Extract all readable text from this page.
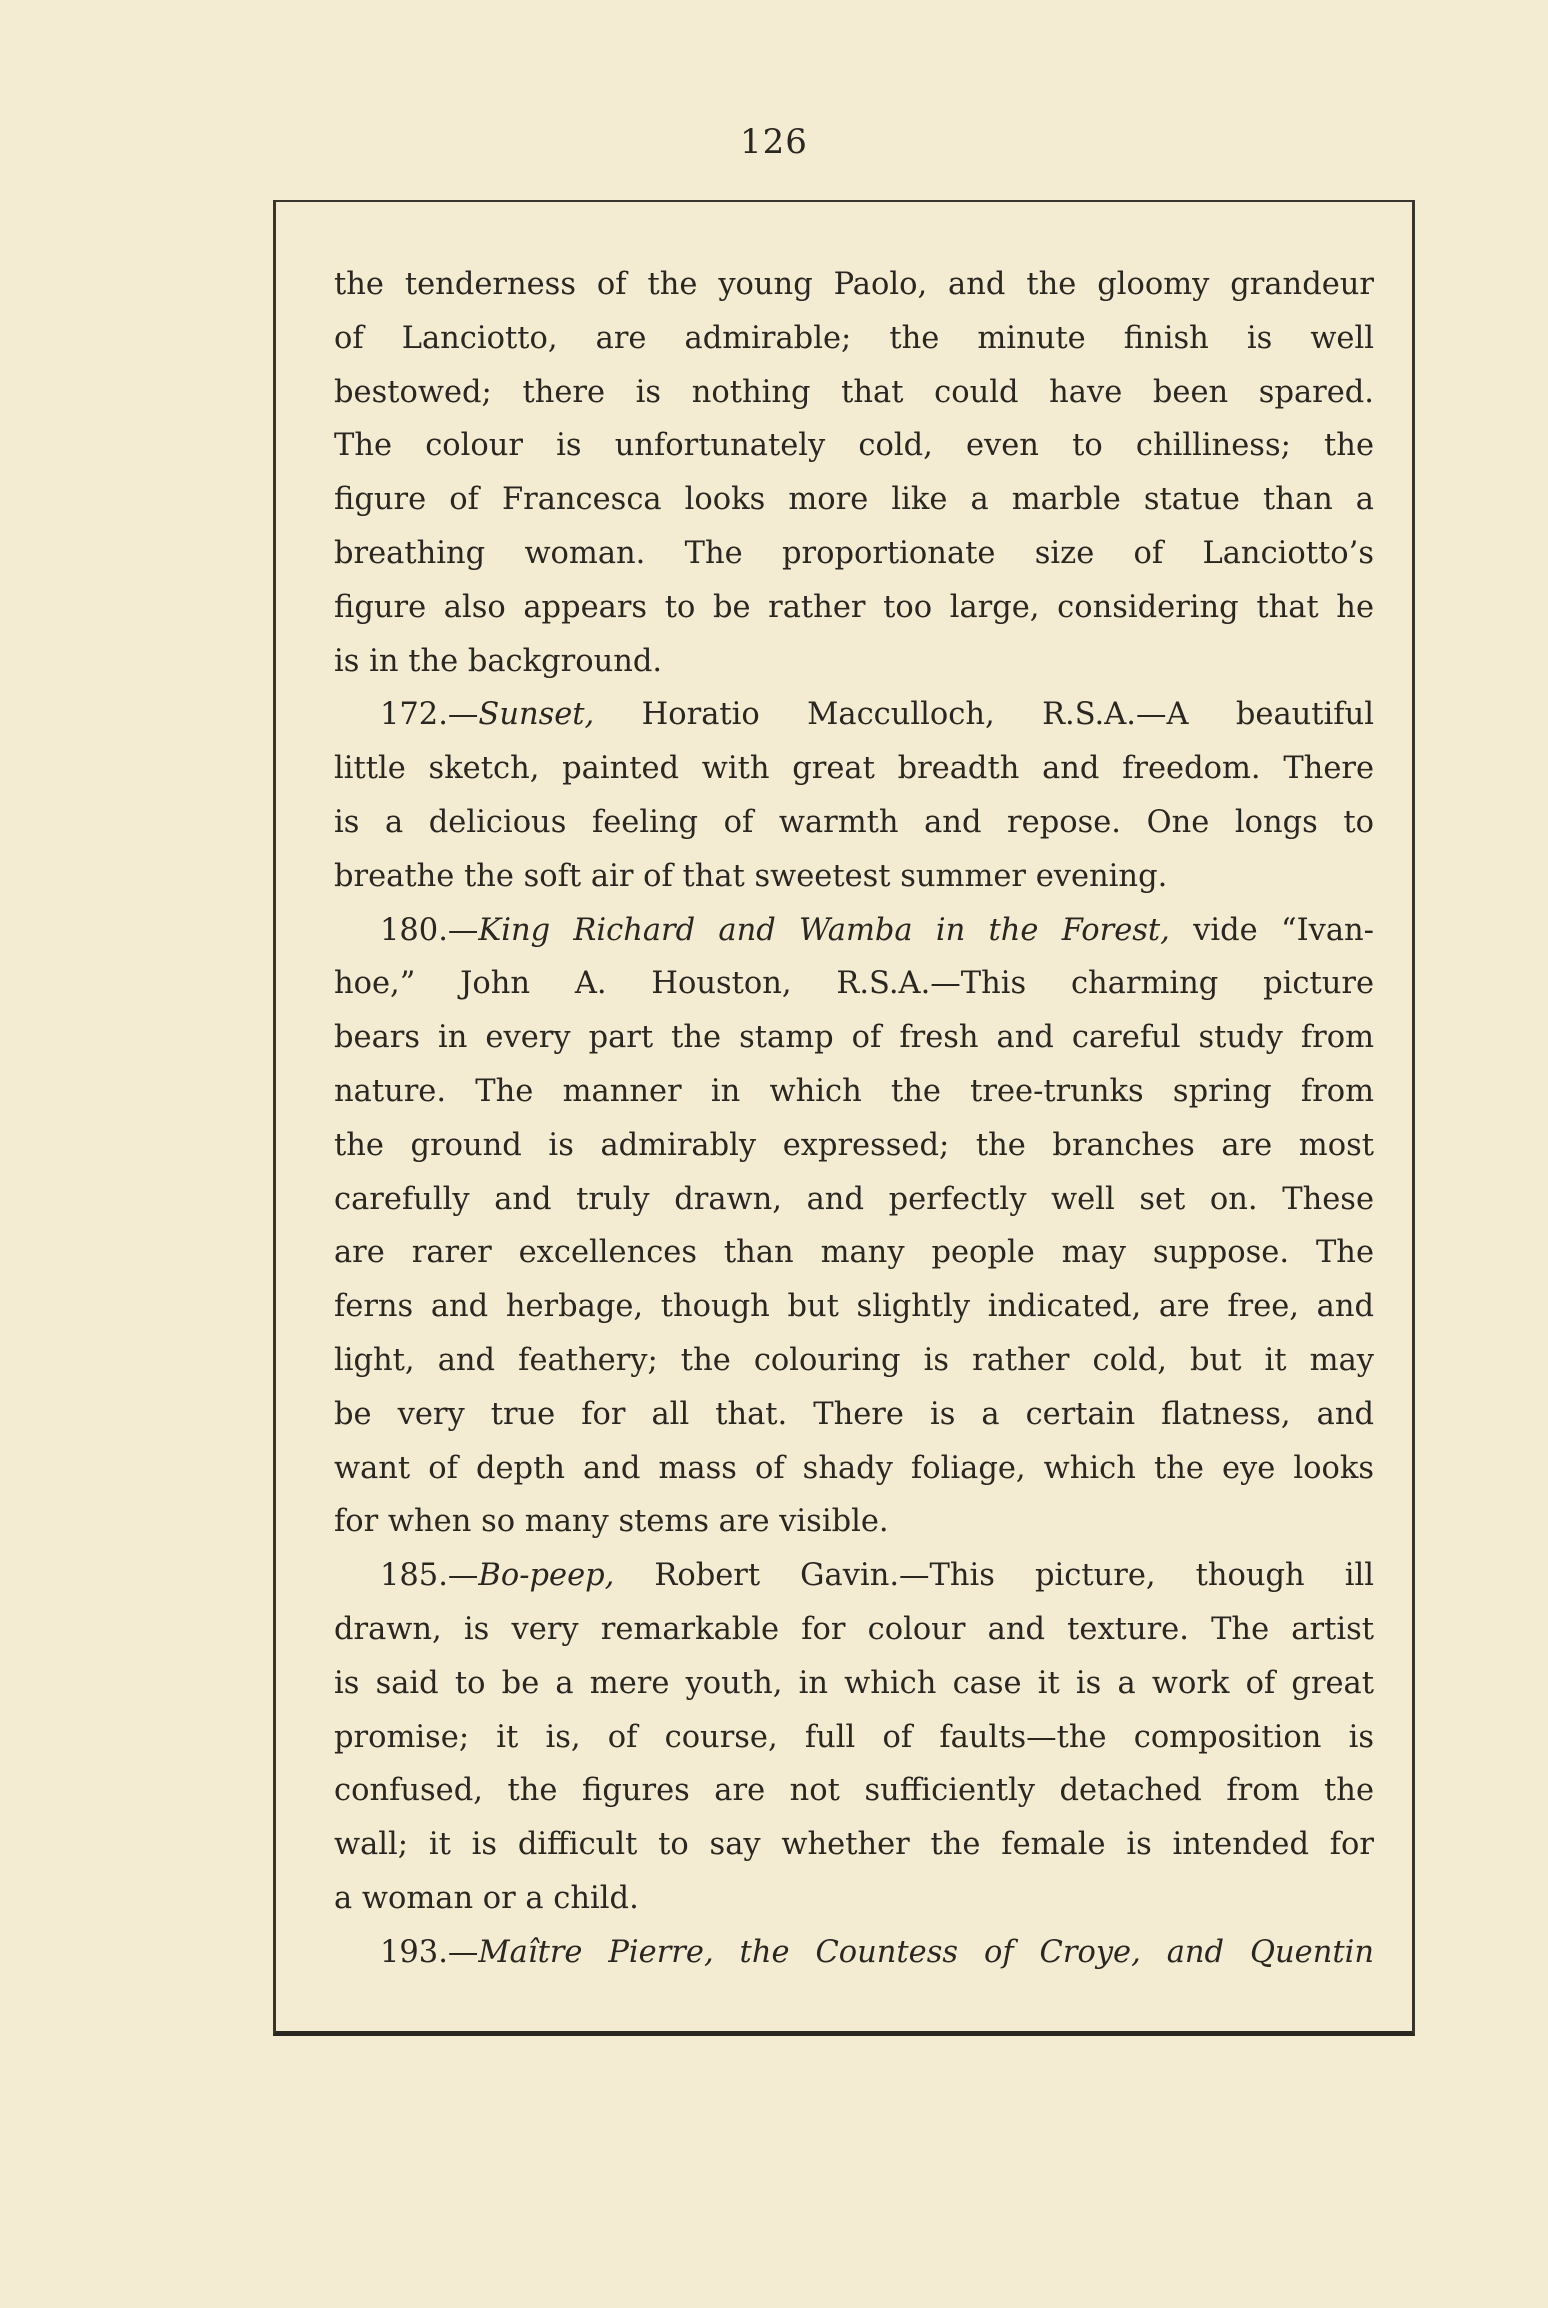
126
the tenderness of the young Paolo, and the gloomy grandeur
of Lanciotto, are admirable; the minute finish is well
bestowed; there is nothing that could have been spared.
The colour is unfortunately cold, even to chilliness; the
figure of Francesca looks more like a marble statue than a
breathing woman. The proportionate size of Lanciotto’s
figure also appears to be rather too large, considering that he
is in the background.
172.—Sunset, Horatio Macculloch, R.S.A.—A beautiful
little sketch, painted with great breadth and freedom. There
is a delicious feeling of warmth and repose. One longs to
breathe the soft air of that sweetest summer evening.
180.—King Richard and Wamba in the Forest, vide “Ivan-
hoe,” John A. Houston, R.S.A.—This charming picture
bears in every part the stamp of fresh and careful study from
nature. The manner in which the tree-trunks spring from
the ground is admirably expressed; the branches are most
carefully and truly drawn, and perfectly well set on. These
are rarer excellences than many people may suppose. The
ferns and herbage, though but slightly indicated, are free, and
light, and feathery; the colouring is rather cold, but it may
be very true for all that. There is a certain flatness, and
want of depth and mass of shady foliage, which the eye looks
for when so many stems are visible.
185.—Bo-peep, Robert Gavin.—This picture, though ill
drawn, is very remarkable for colour and texture. The artist
is said to be a mere youth, in which case it is a work of great
promise; it is, of course, full of faults—the composition is
confused, the figures are not sufficiently detached from the
wall; it is difficult to say whether the female is intended for
a woman or a child.
193.—Maître Pierre, the Countess of Croye, and Quentin
